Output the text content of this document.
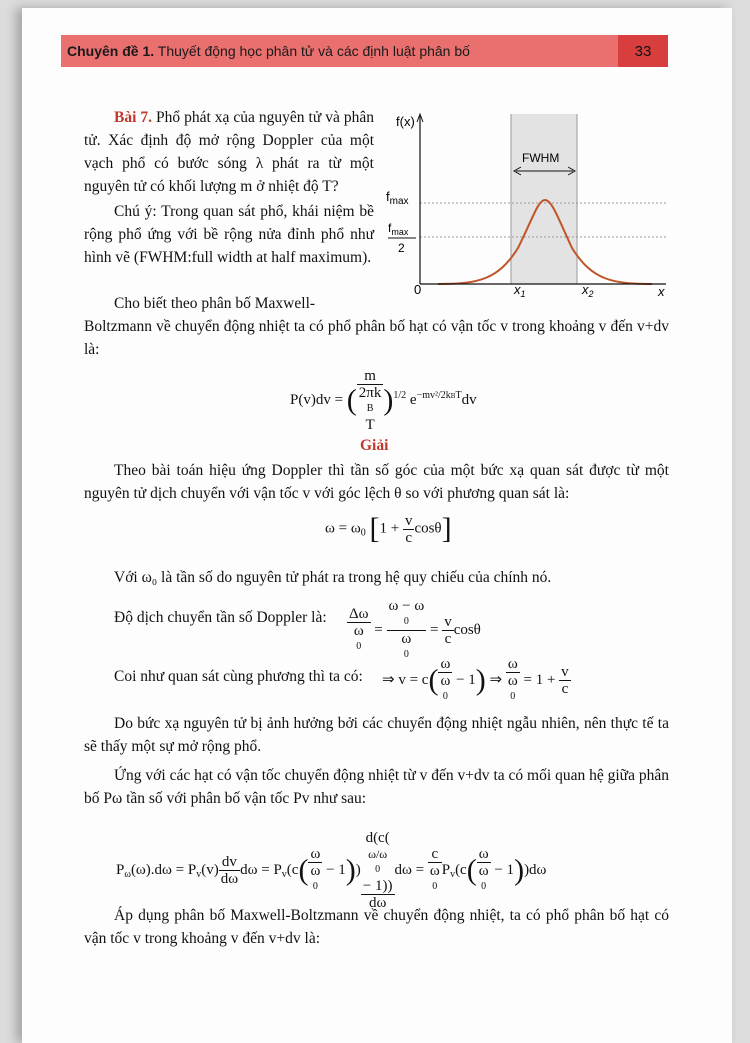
Chuyên đề 1. Thuyết động học phân tử và các định luật phân bố	33
Bài 7. Phổ phát xạ của nguyên tử và phân tử. Xác định độ mở rộng Doppler của một vạch phổ có bước sóng λ phát ra từ một nguyên tử có khối lượng m ở nhiệt độ T?
Chú ý: Trong quan sát phổ, khái niệm bề rộng phổ ứng với bề rộng nửa đỉnh phổ như hình vẽ (FWHM:full width at half maximum).
Cho biết theo phân bố Maxwell-
Boltzmann về chuyển động nhiệt ta có phổ phân bố hạt có vận tốc v trong khoảng v đến v+dv là:
FWHM
f(x)
x
$f_{max}$
$f_{max}$
2
0	$x_1$	$x_2$
P(v)dv = ( m
2πk
B
T )$^{1/2}$ $e^{-mv^2/2kBT}dv$
Giải
Theo bài toán hiệu ứng Doppler thì tần số góc của một bức xạ quan sát được từ một nguyên tử dịch chuyển với vận tốc v với góc lệch θ so với phương quan sát là:
$\omega = \omega_0$ $[1 + \frac{v}{c} \cos\theta]$
Với ω₀ là tần số do nguyên tử phát ra trong hệ quy chiếu của chính nó.
Độ dịch chuyển tần số Doppler là: Δω
ω
0 = ω − ω
0
ω
$0 = \frac{v}{c}$ cosθ
Coi như quan sát cùng phương thì ta có: ⇒ v = c( ω
ω
0 − 1) ⇒ ω
ω
$0 = 1 + \frac{v}{c}$
Do bức xạ nguyên tử bị ảnh hưởng bởi các chuyển động nhiệt ngẫu nhiên, nên thực tế ta sẽ thấy một sự mở rộng phổ.
Ứng với các hạt có vận tốc chuyển động nhiệt từ v đến v+dv ta có mối quan hệ giữa phân bố Pω tần số với phân bố vận tốc Pv như sau:
$P_\omega(\omega).d\omega = P_v(v) \frac{dv}{d\omega}$ $d\omega = P_v(c$( ω
ω
0 − 1)) d(c(
ω/ω
0
− 1))
dω dω = c
ω
0 $P_v(c$( ω
ω
0 − 1))dω
Áp dụng phân bố Maxwell-Boltzmann về chuyển động nhiệt, ta có phổ phân bố hạt có vận tốc v trong khoảng v đến v+dv là:
